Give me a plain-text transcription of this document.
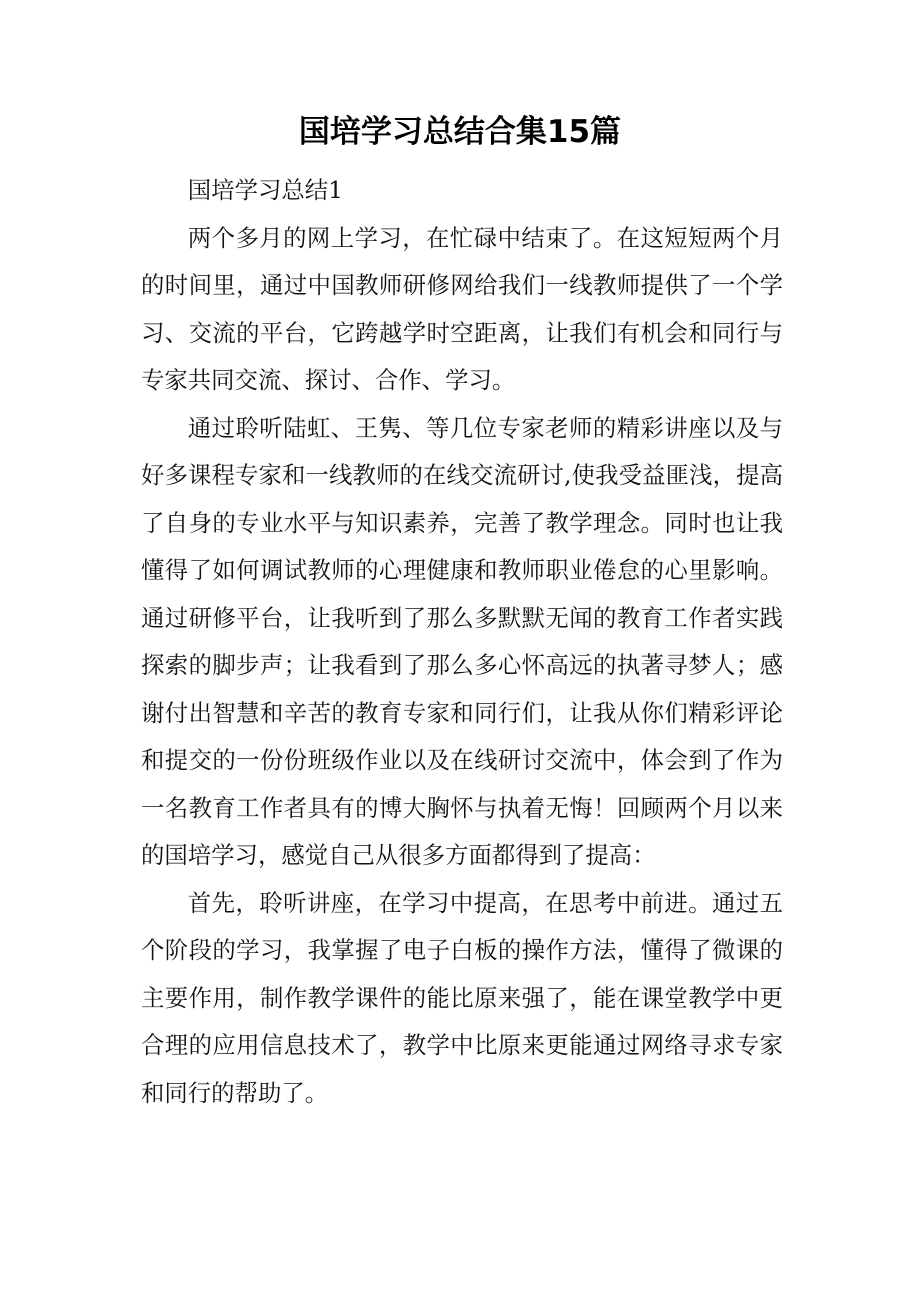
国培学习总结合集15篇

国培学习总结1

两个多月的网上学习，在忙碌中结束了。在这短短两个月的时间里，通过中国教师研修网给我们一线教师提供了一个学习、交流的平台，它跨越学时空距离，让我们有机会和同行与专家共同交流、探讨、合作、学习。

通过聆听陆虹、王隽、等几位专家老师的精彩讲座以及与好多课程专家和一线教师的在线交流研讨,使我受益匪浅，提高了自身的专业水平与知识素养，完善了教学理念。同时也让我懂得了如何调试教师的心理健康和教师职业倦怠的心里影响。通过研修平台，让我听到了那么多默默无闻的教育工作者实践探索的脚步声；让我看到了那么多心怀高远的执著寻梦人；感谢付出智慧和辛苦的教育专家和同行们，让我从你们精彩评论和提交的一份份班级作业以及在线研讨交流中，体会到了作为一名教育工作者具有的博大胸怀与执着无悔！回顾两个月以来的国培学习，感觉自己从很多方面都得到了提高：

首先，聆听讲座，在学习中提高，在思考中前进。通过五个阶段的学习，我掌握了电子白板的操作方法，懂得了微课的主要作用，制作教学课件的能比原来强了，能在课堂教学中更合理的应用信息技术了，教学中比原来更能通过网络寻求专家和同行的帮助了。
